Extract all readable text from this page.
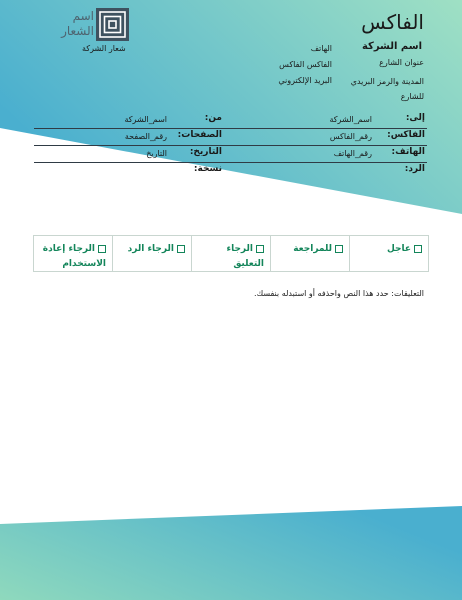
الفاكس
اسم الشركة
عنوان الشارع
المدينة والرمز البريدي للشارع
الهاتف
الفاكس الفاكس
البريد الإلكتروني
اسم الشعار
شعار الشركة
إلى:
اسم_الشركة
من:
اسم_الشركة
الفاكس:
رقم_الفاكس
الصفحات:
رقم_الصفحة
الهاتف:
رقم_الهاتف
التاريخ:
التاريخ
الرد:
نسخة:
عاجل
للمراجعة
الرجاء التعليق
الرجاء الرد
الرجاء إعادة الاستخدام
التعليقات: حدد هذا النص واحذفه أو استبدله بنفسك.
